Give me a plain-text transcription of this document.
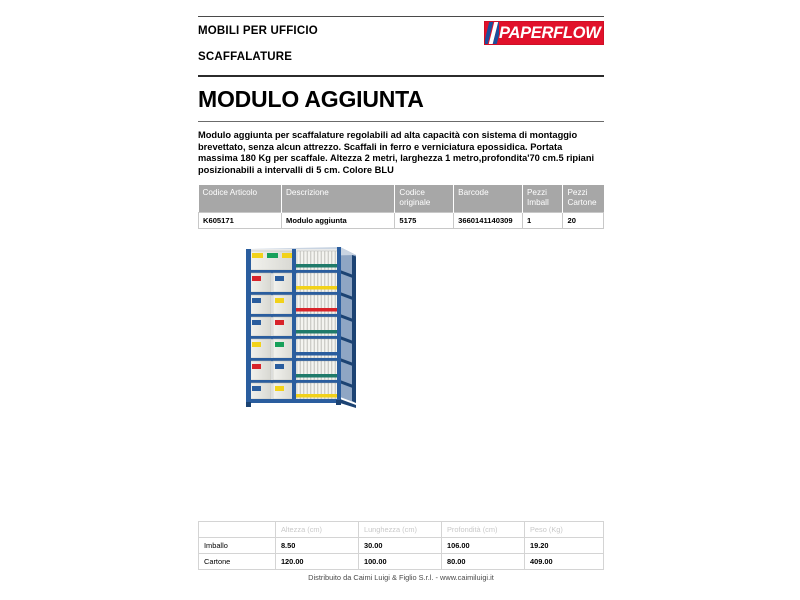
MOBILI PER UFFICIO
SCAFFALATURE
PAPERFLOW
MODULO AGGIUNTA
Modulo aggiunta per scaffalature regolabili ad alta capacità con sistema di montaggio brevettato, senza alcun attrezzo. Scaffali in ferro e verniciatura epossidica. Portata massima 180 Kg per scaffale. Altezza 2 metri, larghezza 1 metro,profondita'70 cm.5 ripiani posizionabili a intervalli di 5 cm. Colore BLU
Codice Articolo	Descrizione	Codice originale	Barcode	Pezzi Imball	Pezzi Cartone
K605171	Modulo aggiunta	5175	3660141140309	1	20
	Altezza (cm)	Lunghezza (cm)	Profondità (cm)	Peso (Kg)
Imballo	8.50	30.00	106.00	19.20
Cartone	120.00	100.00	80.00	409.00
Distribuito da Caimi Luigi & Figlio S.r.l. - www.caimiluigi.it
